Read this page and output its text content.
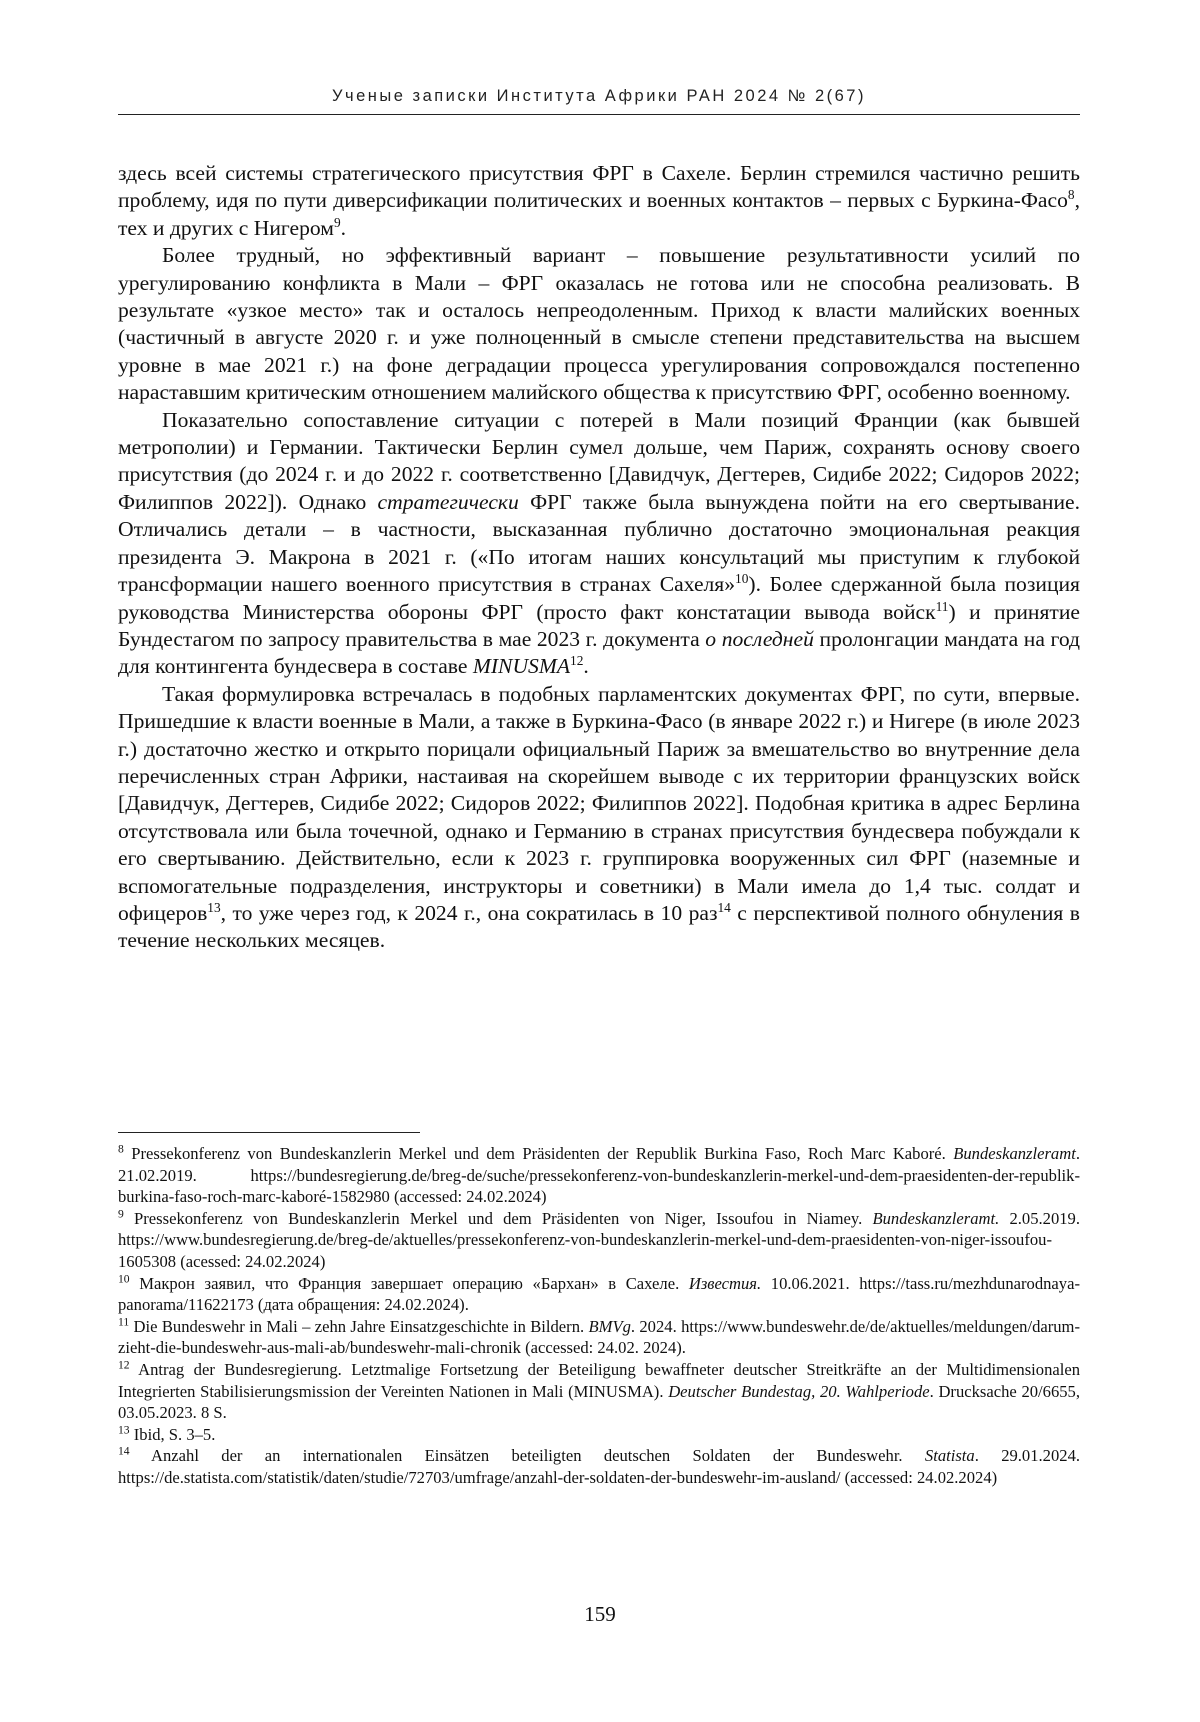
Ученые записки Института Африки РАН 2024 № 2(67)

здесь всей системы стратегического присутствия ФРГ в Сахеле. Берлин стремился частично решить проблему, идя по пути диверсификации политических и военных контактов – первых с Буркина-Фасо$^8$, тех и других с Нигером$^9$.

Более трудный, но эффективный вариант – повышение результативности усилий по урегулированию конфликта в Мали – ФРГ оказалась не готова или не способна реализовать. В результате «узкое место» так и осталось непреодоленным. Приход к власти малийских военных (частичный в августе 2020 г. и уже полноценный в смысле степени представительства на высшем уровне в мае 2021 г.) на фоне деградации процесса урегулирования сопровождался постепенно нараставшим критическим отношением малийского общества к присутствию ФРГ, особенно военному.

Показательно сопоставление ситуации с потерей в Мали позиций Франции (как бывшей метрополии) и Германии. Тактически Берлин сумел дольше, чем Париж, сохранять основу своего присутствия (до 2024 г. и до 2022 г. соответственно [Давидчук, Дегтерев, Сидибе 2022; Сидоров 2022; Филиппов 2022]). Однако стратегически ФРГ также была вынуждена пойти на его свертывание. Отличались детали – в частности, высказанная публично достаточно эмоциональная реакция президента Э. Макрона в 2021 г. («По итогам наших консультаций мы приступим к глубокой трансформации нашего военного присутствия в странах Сахеля»$^{10}$). Более сдержанной была позиция руководства Министерства обороны ФРГ (просто факт констатации вывода войск$^{11}$) и принятие Бундестагом по запросу правительства в мае 2023 г. документа о последней пролонгации мандата на год для контингента бундесвера в составе MINUSMA$^{12}$.

Такая формулировка встречалась в подобных парламентских документах ФРГ, по сути, впервые. Пришедшие к власти военные в Мали, а также в Буркина-Фасо (в январе 2022 г.) и Нигере (в июле 2023 г.) достаточно жестко и открыто порицали официальный Париж за вмешательство во внутренние дела перечисленных стран Африки, настаивая на скорейшем выводе с их территории французских войск [Давидчук, Дегтерев, Сидибе 2022; Сидоров 2022; Филиппов 2022]. Подобная критика в адрес Берлина отсутствовала или была точечной, однако и Германию в странах присутствия бундесвера побуждали к его свертыванию. Действительно, если к 2023 г. группировка вооруженных сил ФРГ (наземные и вспомогательные подразделения, инструкторы и советники) в Мали имела до 1,4 тыс. солдат и офицеров$^{13}$, то уже через год, к 2024 г., она сократилась в 10 раз$^{14}$ с перспективой полного обнуления в течение нескольких месяцев.

$^8$ Pressekonferenz von Bundeskanzlerin Merkel und dem Präsidenten der Republik Burkina Faso, Roch Marc Kaboré. Bundeskanzleramt. 21.02.2019. https://bundesregierung.de/breg-de/suche/pressekonferenz-von-bundeskanzlerin-merkel-und-dem-praesidenten-der-republik-burkina-faso-roch-marc-kaboré-1582980 (accessed: 24.02.2024)

$^9$ Pressekonferenz von Bundeskanzlerin Merkel und dem Präsidenten von Niger, Issoufou in Niamey. Bundeskanzleramt. 2.05.2019. https://www.bundesregierung.de/breg-de/aktuelles/pressekonferenz-von-bundeskanzlerin-merkel-und-dem-praesidenten-von-niger-issoufou-1605308 (acessed: 24.02.2024)

$^{10}$ Макрон заявил, что Франция завершает операцию «Бархан» в Сахеле. Известия. 10.06.2021. https://tass.ru/mezhdunarodnaya-panorama/11622173 (дата обращения: 24.02.2024).

$^{11}$ Die Bundeswehr in Mali – zehn Jahre Einsatzgeschichte in Bildern. BMVg. 2024. https://www.bundeswehr.de/de/aktuelles/meldungen/darum-zieht-die-bundeswehr-aus-mali-ab/bundeswehr-mali-chronik (accessed: 24.02. 2024).

$^{12}$ Antrag der Bundesregierung. Letztmalige Fortsetzung der Beteiligung bewaffneter deutscher Streitkräfte an der Multidimensionalen Integrierten Stabilisierungsmission der Vereinten Nationen in Mali (MINUSMA). Deutscher Bundestag, 20. Wahlperiode. Drucksache 20/6655, 03.05.2023. 8 S.

$^{13}$ Ibid, S. 3–5.

$^{14}$ Anzahl der an internationalen Einsätzen beteiligten deutschen Soldaten der Bundeswehr. Statista. 29.01.2024. https://de.statista.com/statistik/daten/studie/72703/umfrage/anzahl-der-soldaten-der-bundeswehr-im-ausland/ (accessed: 24.02.2024)

159
